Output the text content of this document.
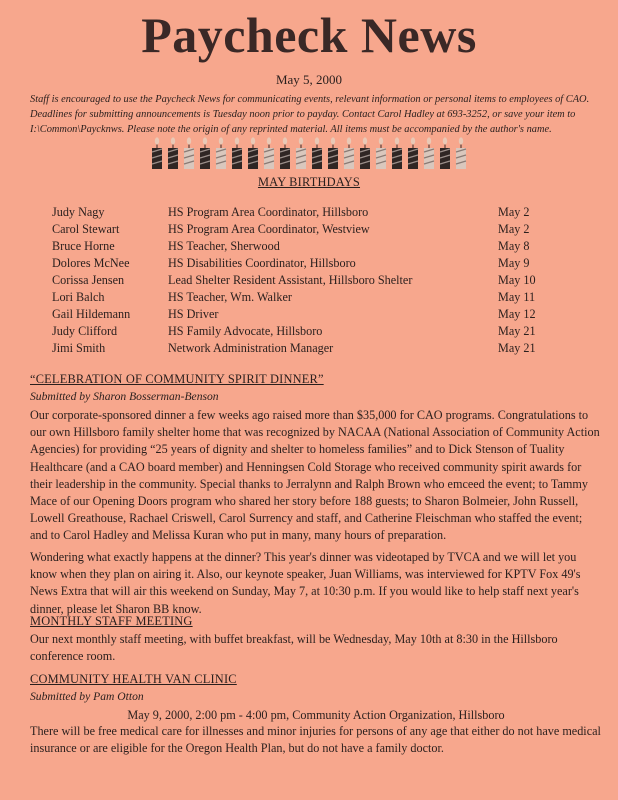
Paycheck News
May 5, 2000
Staff is encouraged to use the Paycheck News for communicating events, relevant information or personal items to employees of CAO. Deadlines for submitting announcements is Tuesday noon prior to payday. Contact Carol Hadley at 693-3252, or save your item to I:\Common\Paycknws. Please note the origin of any reprinted material. All items must be accompanied by the author's name.
MAY BIRTHDAYS
Judy Nagy	HS Program Area Coordinator, Hillsboro	May 2
Carol Stewart	HS Program Area Coordinator, Westview	May 2
Bruce Horne	HS Teacher, Sherwood	May 8
Dolores McNee	HS Disabilities Coordinator, Hillsboro	May 9
Corissa Jensen	Lead Shelter Resident Assistant, Hillsboro Shelter	May 10
Lori Balch	HS Teacher, Wm. Walker	May 11
Gail Hildemann	HS Driver	May 12
Judy Clifford	HS Family Advocate, Hillsboro	May 21
Jimi Smith	Network Administration Manager	May 21
“CELEBRATION OF COMMUNITY SPIRIT DINNER”
Submitted by Sharon Bosserman-Benson
Our corporate-sponsored dinner a few weeks ago raised more than $35,000 for CAO programs. Congratulations to our own Hillsboro family shelter home that was recognized by NACAA (National Association of Community Action Agencies) for providing “25 years of dignity and shelter to homeless families” and to Dick Stenson of Tuality Healthcare (and a CAO board member) and Henningsen Cold Storage who received community spirit awards for their leadership in the community. Special thanks to Jerralynn and Ralph Brown who emceed the event; to Tammy Mace of our Opening Doors program who shared her story before 188 guests; to Sharon Bolmeier, John Russell, Lowell Greathouse, Rachael Criswell, Carol Surrency and staff, and Catherine Fleischman who staffed the event; and to Carol Hadley and Melissa Kuran who put in many, many hours of preparation.
Wondering what exactly happens at the dinner? This year's dinner was videotaped by TVCA and we will let you know when they plan on airing it. Also, our keynote speaker, Juan Williams, was interviewed for KPTV Fox 49's News Extra that will air this weekend on Sunday, May 7, at 10:30 p.m. If you would like to help staff next year's dinner, please let Sharon BB know.
MONTHLY STAFF MEETING
Our next monthly staff meeting, with buffet breakfast, will be Wednesday, May 10th at 8:30 in the Hillsboro conference room.
COMMUNITY HEALTH VAN CLINIC
Submitted by Pam Otton
May 9, 2000, 2:00 pm - 4:00 pm, Community Action Organization, Hillsboro
There will be free medical care for illnesses and minor injuries for persons of any age that either do not have medical insurance or are eligible for the Oregon Health Plan, but do not have a family doctor.
